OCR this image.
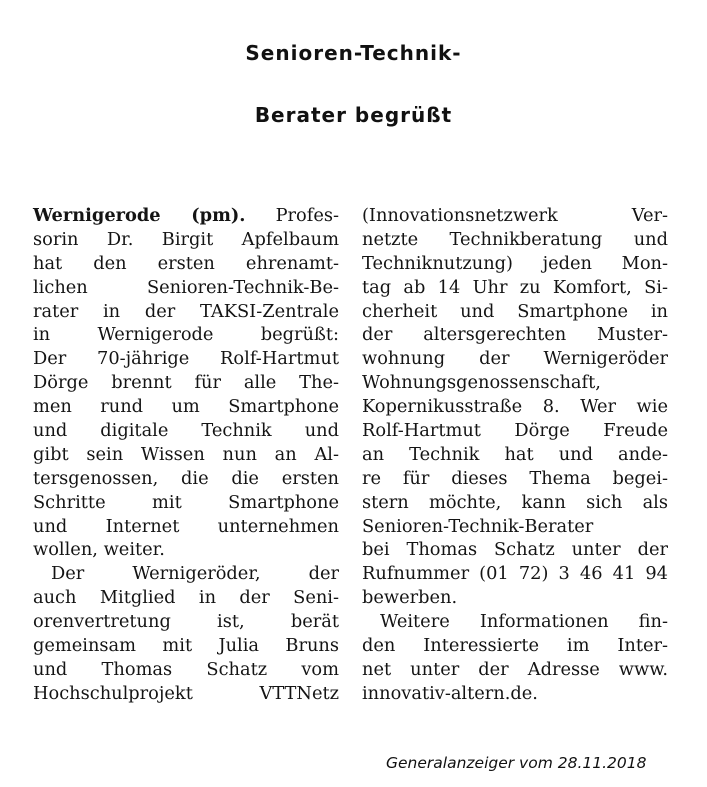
Senioren-Technik-
Berater begrüßt
Wernigerode (pm). Profes-
sorin Dr. Birgit Apfelbaum
hat den ersten ehrenamt-
lichen Senioren-Technik-Be-
rater in der TAKSI-Zentrale
in Wernigerode begrüßt:
Der 70-jährige Rolf-Hartmut
Dörge brennt für alle The-
men rund um Smartphone
und digitale Technik und
gibt sein Wissen nun an Al-
tersgenossen, die die ersten
Schritte mit Smartphone
und Internet unternehmen
wollen, weiter.
Der Wernigeröder, der
auch Mitglied in der Seni-
orenvertretung ist, berät
gemeinsam mit Julia Bruns
und Thomas Schatz vom
Hochschulprojekt VTTNetz
(Innovationsnetzwerk Ver-
netzte Technikberatung und
Techniknutzung) jeden Mon-
tag ab 14 Uhr zu Komfort, Si-
cherheit und Smartphone in
der altersgerechten Muster-
wohnung der Wernigeröder
Wohnungsgenossenschaft,
Kopernikusstraße 8. Wer wie
Rolf-Hartmut Dörge Freude
an Technik hat und ande-
re für dieses Thema begei-
stern möchte, kann sich als
Senioren-Technik-Berater
bei Thomas Schatz unter der
Rufnummer (01 72) 3 46 41 94
bewerben.
Weitere Informationen fin-
den Interessierte im Inter-
net unter der Adresse www.
innovativ-altern.de.
Generalanzeiger vom 28.11.2018
